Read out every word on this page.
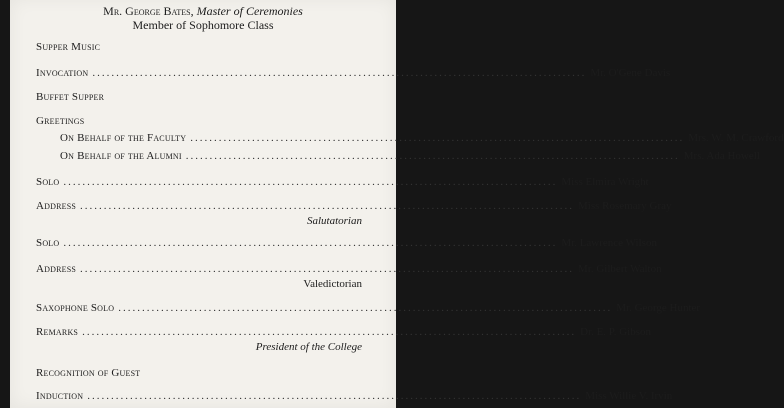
Mr. George Bates, Master of Ceremonies
Member of Sophomore Class
Supper Music
Invocation ........................................................................................................ Mr. O'Gene Davis
Buffet Supper
Greetings
On Behalf of the Faculty ........................................................................................................ Mrs. W. M. Crawford
On Behalf of the Alumni ........................................................................................................ Mrs. Ada Howell
Solo ........................................................................................................ Miss Elmira Wright
Address ........................................................................................................ Miss Rosemary Gray
Salutatorian
Solo ........................................................................................................ Mr. Lawrence Wilson
Address ........................................................................................................ Mr. Gilbert Walton
Valedictorian
Saxophone Solo ........................................................................................................ Mr. George Hunter
Remarks ........................................................................................................ Dr. E. P. Gibson
President of the College
Recognition of Guest
Induction ........................................................................................................ Miss Willie V. Irvin
